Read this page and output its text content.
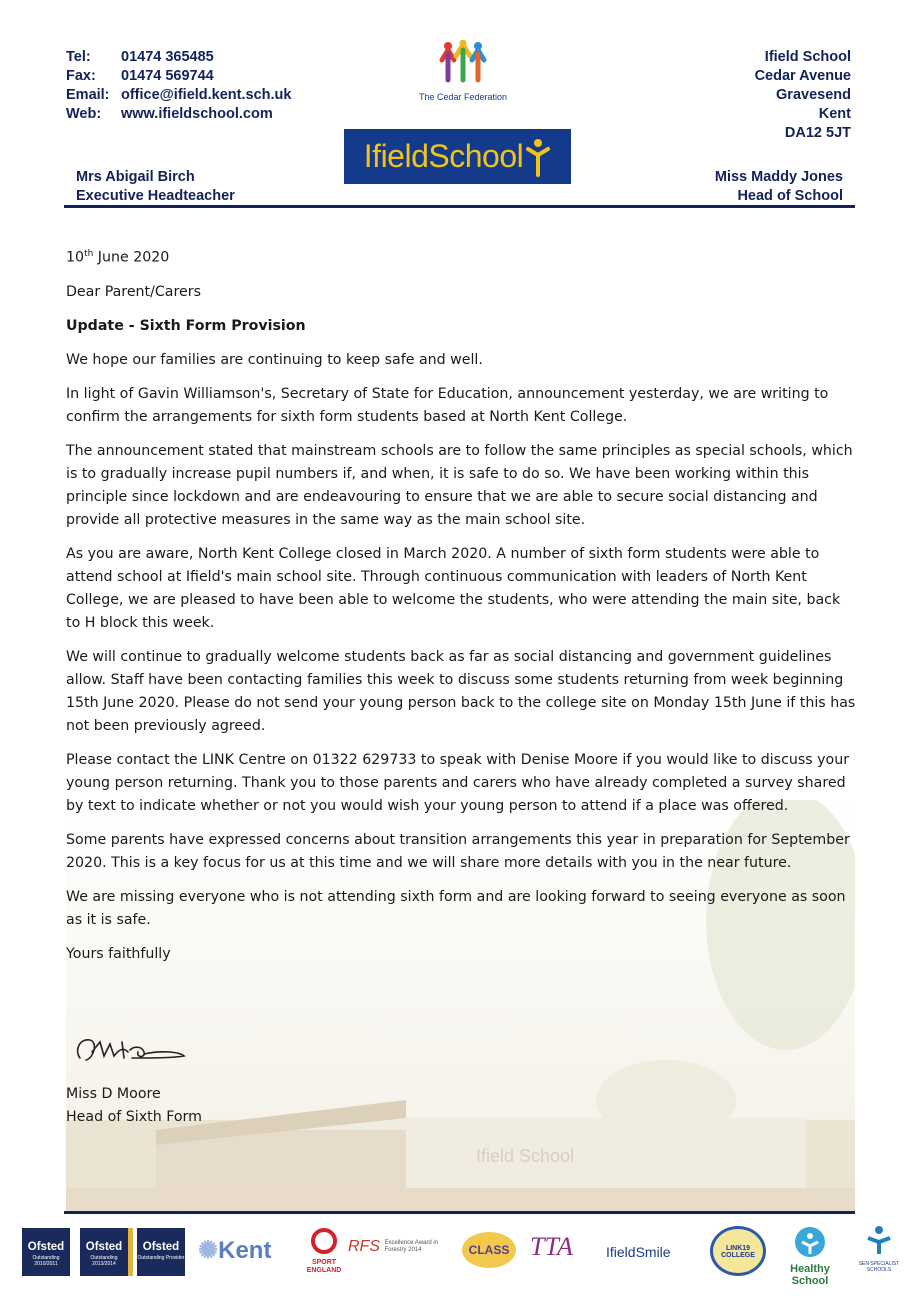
Ifield School
Tel:	01474 365485
Fax:	01474 569744
Email: office@ifield.kent.sch.uk
Web:	www.ifieldschool.com
The Cedar Federation
Ifield School
Cedar Avenue
Gravesend
Kent
DA12 5JT
IfieldSchool
Mrs Abigail Birch
Executive Headteacher
Miss Maddy Jones
Head of School

10th June 2020

Dear Parent/Carers

Update - Sixth Form Provision

We hope our families are continuing to keep safe and well.

In light of Gavin Williamson's, Secretary of State for Education, announcement yesterday, we are writing to confirm the arrangements for sixth form students based at North Kent College.

The announcement stated that mainstream schools are to follow the same principles as special schools, which is to gradually increase pupil numbers if, and when, it is safe to do so. We have been working within this principle since lockdown and are endeavouring to ensure that we are able to secure social distancing and provide all protective measures in the same way as the main school site.

As you are aware, North Kent College closed in March 2020. A number of sixth form students were able to attend school at Ifield's main school site. Through continuous communication with leaders of North Kent College, we are pleased to have been able to welcome the students, who were attending the main site, back to H block this week.

We will continue to gradually welcome students back as far as social distancing and government guidelines allow. Staff have been contacting families this week to discuss some students returning from week beginning 15th June 2020. Please do not send your young person back to the college site on Monday 15th June if this has not been previously agreed.

Please contact the LINK Centre on 01322 629733 to speak with Denise Moore if you would like to discuss your young person returning. Thank you to those parents and carers who have already completed a survey shared by text to indicate whether or not you would wish your young person to attend if a place was offered.

Some parents have expressed concerns about transition arrangements this year in preparation for September 2020. This is a key focus for us at this time and we will share more details with you in the near future.

We are missing everyone who is not attending sixth form and are looking forward to seeing everyone as soon as it is safe.

Yours faithfully

Miss D Moore
Head of Sixth Form
Ofsted
Outstanding 2010/2011
Ofsted
Outstanding 2013/2014
Ofsted
Outstanding Provider ✺Kent	SPORT ENGLAND
RFS Excellence Award in Forestry 2014	CLASS TTA IfieldSmile	LINK19 COLLEGE
Healthy School
SEN SPECIALIST SCHOOLS
